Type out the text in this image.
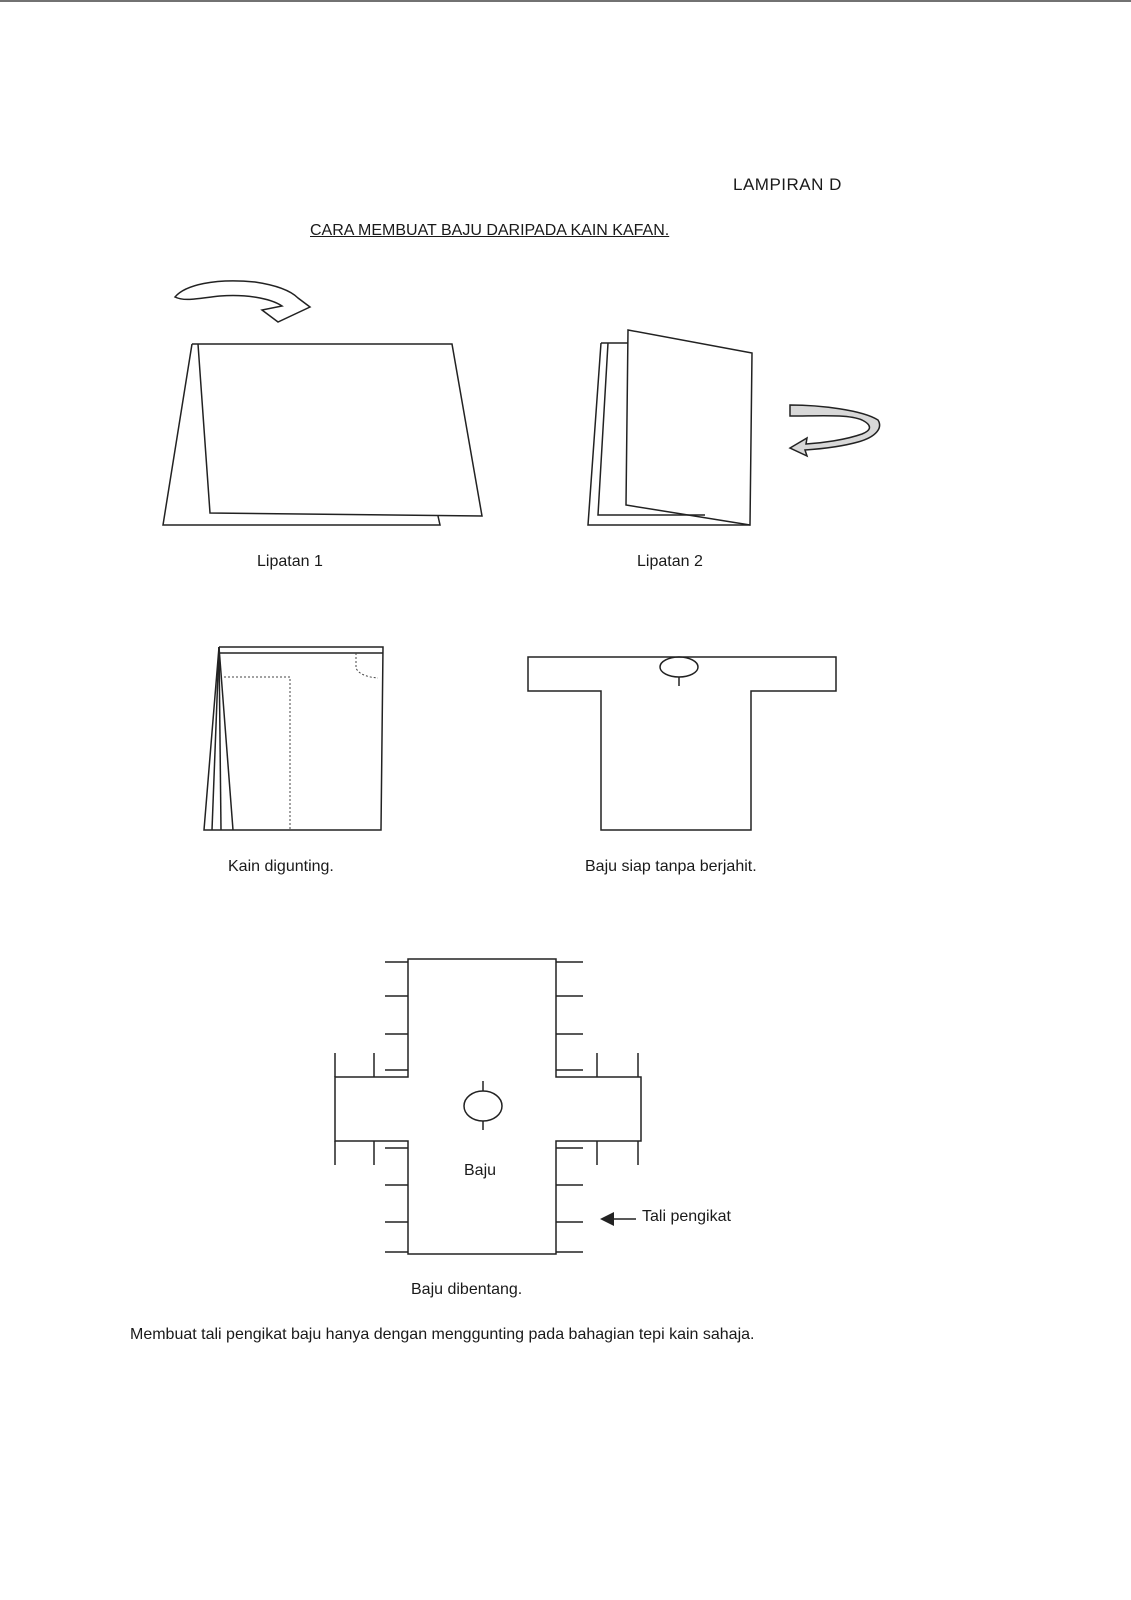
LAMPIRAN D
CARA MEMBUAT BAJU DARIPADA KAIN KAFAN.
Lipatan 1	Lipatan 2
Kain digunting.	Baju siap tanpa berjahit.
Baju
Tali pengikat
Baju dibentang.
Membuat tali pengikat baju hanya dengan menggunting pada bahagian tepi kain sahaja.
